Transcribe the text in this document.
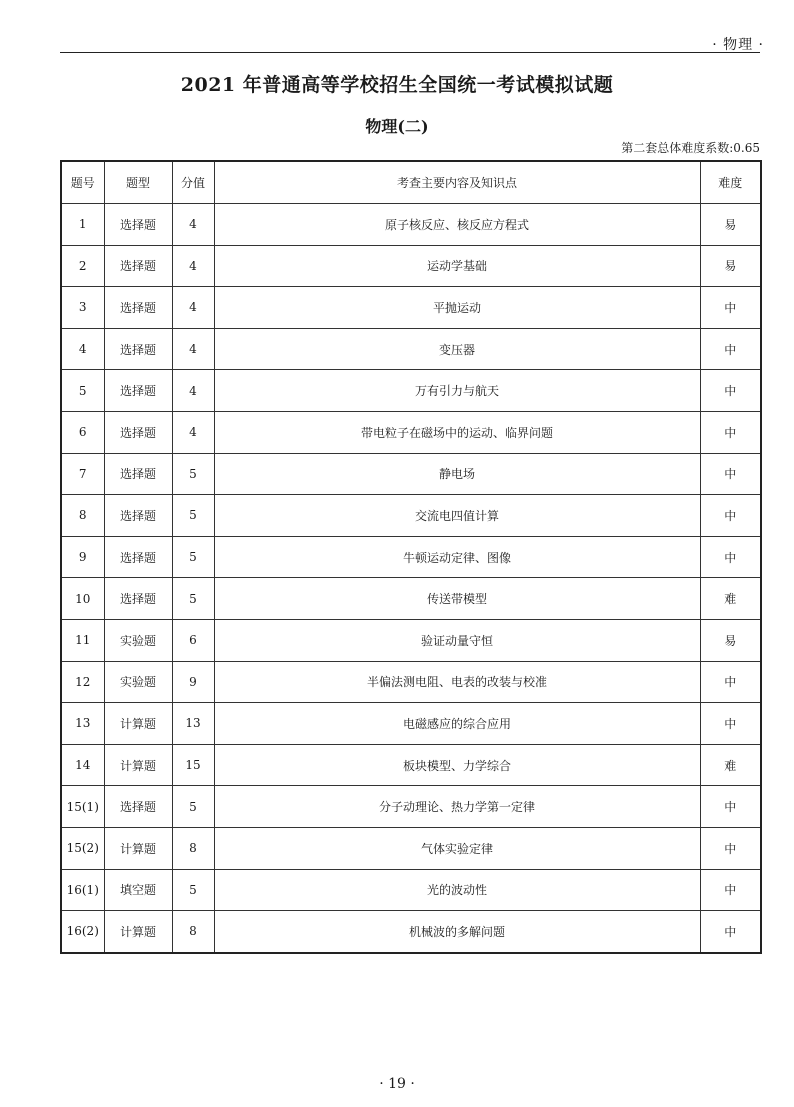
· 物理 ·
2021 年普通高等学校招生全国统一考试模拟试题
物理(二)
第二套总体难度系数:0.65
题号	题型	分值	考查主要内容及知识点	难度
1	选择题	4	原子核反应、核反应方程式	易
2	选择题	4	运动学基础	易
3	选择题	4	平抛运动	中
4	选择题	4	变压器	中
5	选择题	4	万有引力与航天	中
6	选择题	4	带电粒子在磁场中的运动、临界问题	中
7	选择题	5	静电场	中
8	选择题	5	交流电四值计算	中
9	选择题	5	牛顿运动定律、图像	中
10	选择题	5	传送带模型	难
11	实验题	6	验证动量守恒	易
12	实验题	9	半偏法测电阻、电表的改装与校准	中
13	计算题	13	电磁感应的综合应用	中
14	计算题	15	板块模型、力学综合	难
15(1)	选择题	5	分子动理论、热力学第一定律	中
15(2)	计算题	8	气体实验定律	中
16(1)	填空题	5	光的波动性	中
16(2)	计算题	8	机械波的多解问题	中
· 19 ·
